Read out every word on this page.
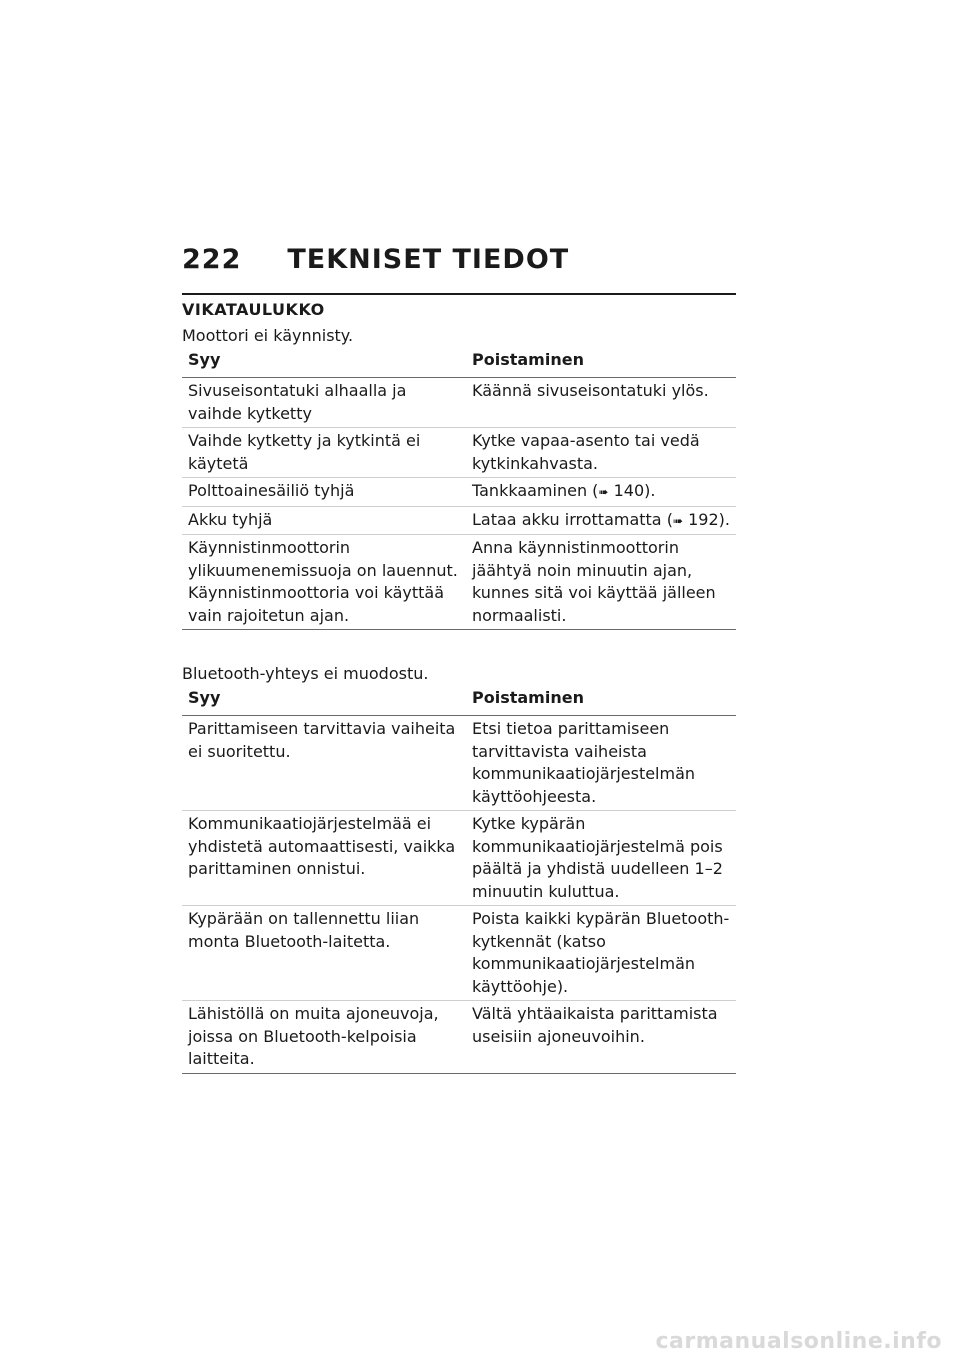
222 TEKNISET TIEDOT
VIKATAULUKKO
Moottori ei käynnisty.
Syy	Poistaminen
Sivuseisontatuki alhaalla ja vaihde kytketty	Käännä sivuseisontatuki ylös.
Vaihde kytketty ja kytkintä ei käytetä	Kytke vapaa-asento tai vedä kytkinkahvasta.
Polttoainesäiliö tyhjä	Tankkaaminen (➠ 140).
Akku tyhjä	Lataa akku irrottamatta (➠ 192).
Käynnistinmoottorin ylikuumenemissuoja on lauennut. Käynnistinmoottoria voi käyttää vain rajoitetun ajan.	Anna käynnistinmoottorin jäähtyä noin minuutin ajan, kunnes sitä voi käyttää jälleen normaalisti.
Bluetooth-yhteys ei muodostu.
Syy	Poistaminen
Parittamiseen tarvittavia vaiheita ei suoritettu.	Etsi tietoa parittamiseen tarvittavista vaiheista kommunikaatiojärjestelmän käyttöohjeesta.
Kommunikaatiojärjestelmää ei yhdistetä automaattisesti, vaikka parittaminen onnistui.	Kytke kypärän kommunikaatiojärjestelmä pois päältä ja yhdistä uudelleen 1–2 minuutin kuluttua.
Kypärään on tallennettu liian monta Bluetooth-laitetta.	Poista kaikki kypärän Bluetooth-kytkennät (katso kommunikaatiojärjestelmän käyttöohje).
Lähistöllä on muita ajoneuvoja, joissa on Bluetooth-kelpoisia laitteita.	Vältä yhtäaikaista parittamista useisiin ajoneuvoihin.
carmanualsonline.info
